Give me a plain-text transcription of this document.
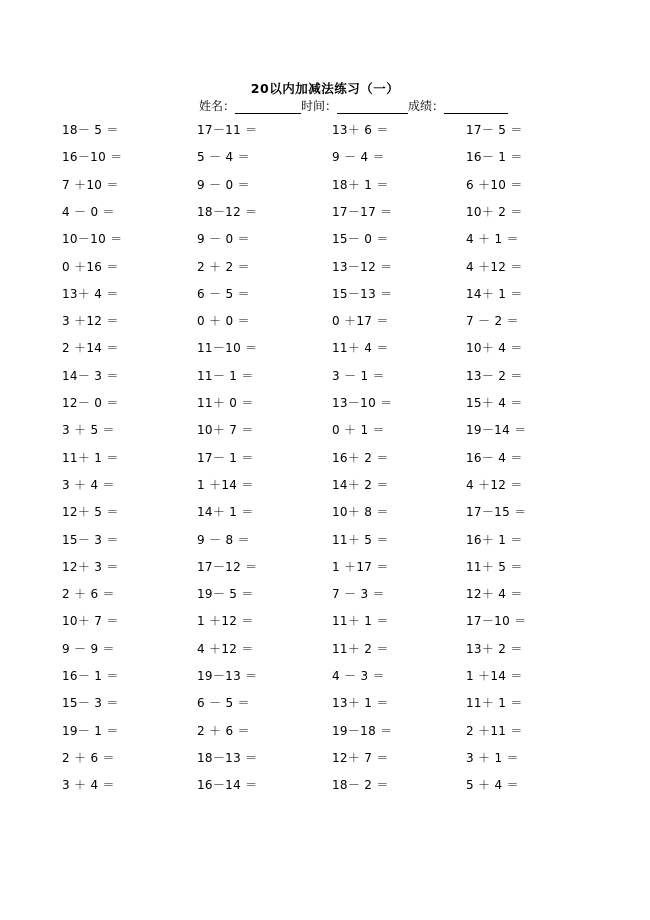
20以内加减法练习（一）
姓名：	时间：	成绩：
18－ 5 ＝	17－11 ＝	13＋ 6 ＝	17－ 5 ＝
16－10 ＝	5 － 4 ＝	9 － 4 ＝	16－ 1 ＝
7 ＋10 ＝	9 － 0 ＝	18＋ 1 ＝	6 ＋10 ＝
4 － 0 ＝	18－12 ＝	17－17 ＝	10＋ 2 ＝
10－10 ＝	9 － 0 ＝	15－ 0 ＝	4 ＋ 1 ＝
0 ＋16 ＝	2 ＋ 2 ＝	13－12 ＝	4 ＋12 ＝
13＋ 4 ＝	6 － 5 ＝	15－13 ＝	14＋ 1 ＝
3 ＋12 ＝	0 ＋ 0 ＝	0 ＋17 ＝	7 － 2 ＝
2 ＋14 ＝	11－10 ＝	11＋ 4 ＝	10＋ 4 ＝
14－ 3 ＝	11－ 1 ＝	3 － 1 ＝	13－ 2 ＝
12－ 0 ＝	11＋ 0 ＝	13－10 ＝	15＋ 4 ＝
3 ＋ 5 ＝	10＋ 7 ＝	0 ＋ 1 ＝	19－14 ＝
11＋ 1 ＝	17－ 1 ＝	16＋ 2 ＝	16－ 4 ＝
3 ＋ 4 ＝	1 ＋14 ＝	14＋ 2 ＝	4 ＋12 ＝
12＋ 5 ＝	14＋ 1 ＝	10＋ 8 ＝	17－15 ＝
15－ 3 ＝	9 － 8 ＝	11＋ 5 ＝	16＋ 1 ＝
12＋ 3 ＝	17－12 ＝	1 ＋17 ＝	11＋ 5 ＝
2 ＋ 6 ＝	19－ 5 ＝	7 － 3 ＝	12＋ 4 ＝
10＋ 7 ＝	1 ＋12 ＝	11＋ 1 ＝	17－10 ＝
9 － 9 ＝	4 ＋12 ＝	11＋ 2 ＝	13＋ 2 ＝
16－ 1 ＝	19－13 ＝	4 － 3 ＝	1 ＋14 ＝
15－ 3 ＝	6 － 5 ＝	13＋ 1 ＝	11＋ 1 ＝
19－ 1 ＝	2 ＋ 6 ＝	19－18 ＝	2 ＋11 ＝
2 ＋ 6 ＝	18－13 ＝	12＋ 7 ＝	3 ＋ 1 ＝
3 ＋ 4 ＝	16－14 ＝	18－ 2 ＝	5 ＋ 4 ＝
